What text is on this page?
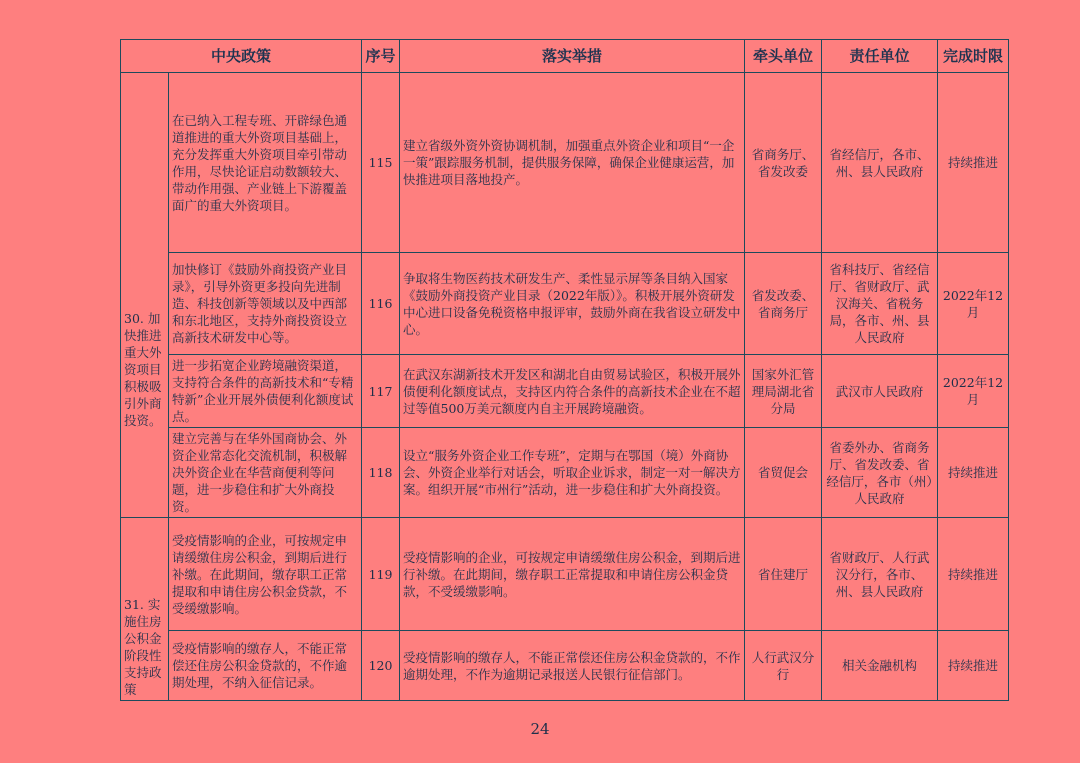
中央政策		序号	落实举措	牵头单位	责任单位	完成时限
30. 加快推进重大外资项目积极吸引外商投资。	在已纳入工程专班、开辟绿色通道推进的重大外资项目基础上，充分发挥重大外资项目牵引带动作用，尽快论证启动数额较大、带动作用强、产业链上下游覆盖面广的重大外资项目。	115	建立省级外资外资协调机制，加强重点外资企业和项目“一企一策”跟踪服务机制，提供服务保障，确保企业健康运营，加快推进项目落地投产。	省商务厅、省发改委	省经信厅，各市、州、县人民政府	持续推进
	加快修订《鼓励外商投资产业目录》，引导外资更多投向先进制造、科技创新等领域以及中西部和东北地区，支持外商投资设立高新技术研发中心等。	116	争取将生物医药技术研发生产、柔性显示屏等条目纳入国家《鼓励外商投资产业目录（2022年版）》。积极开展外资研发中心进口设备免税资格申报评审，鼓励外商在我省设立研发中心。	省发改委、省商务厅	省科技厅、省经信厅、省财政厅、武汉海关、省税务局，各市、州、县人民政府	2022年12月
	进一步拓宽企业跨境融资渠道，支持符合条件的高新技术和“专精特新”企业开展外债便利化额度试点。	117	在武汉东湖新技术开发区和湖北自由贸易试验区，积极开展外债便利化额度试点，支持区内符合条件的高新技术企业在不超过等值500万美元额度内自主开展跨境融资。	国家外汇管理局湖北省分局	武汉市人民政府	2022年12月
	建立完善与在华外国商协会、外资企业常态化交流机制，积极解决外资企业在华营商便利等问题，进一步稳住和扩大外商投资。	118	设立“服务外资企业工作专班”，定期与在鄂国（境）外商协会、外资企业举行对话会，听取企业诉求，制定一对一解决方案。组织开展“市州行”活动，进一步稳住和扩大外商投资。	省贸促会	省委外办、省商务厅、省发改委、省经信厅，各市（州）人民政府	持续推进
31. 实施住房公积金阶段性支持政策	受疫情影响的企业，可按规定申请缓缴住房公积金，到期后进行补缴。在此期间，缴存职工正常提取和申请住房公积金贷款，不受缓缴影响。	119	受疫情影响的企业，可按规定申请缓缴住房公积金，到期后进行补缴。在此期间，缴存职工正常提取和申请住房公积金贷款，不受缓缴影响。	省住建厅	省财政厅、人行武汉分行，各市、州、县人民政府	持续推进
	受疫情影响的缴存人，不能正常偿还住房公积金贷款的，不作逾期处理，不纳入征信记录。	120	受疫情影响的缴存人，不能正常偿还住房公积金贷款的，不作逾期处理，不作为逾期记录报送人民银行征信部门。	人行武汉分行	相关金融机构	持续推进
24
